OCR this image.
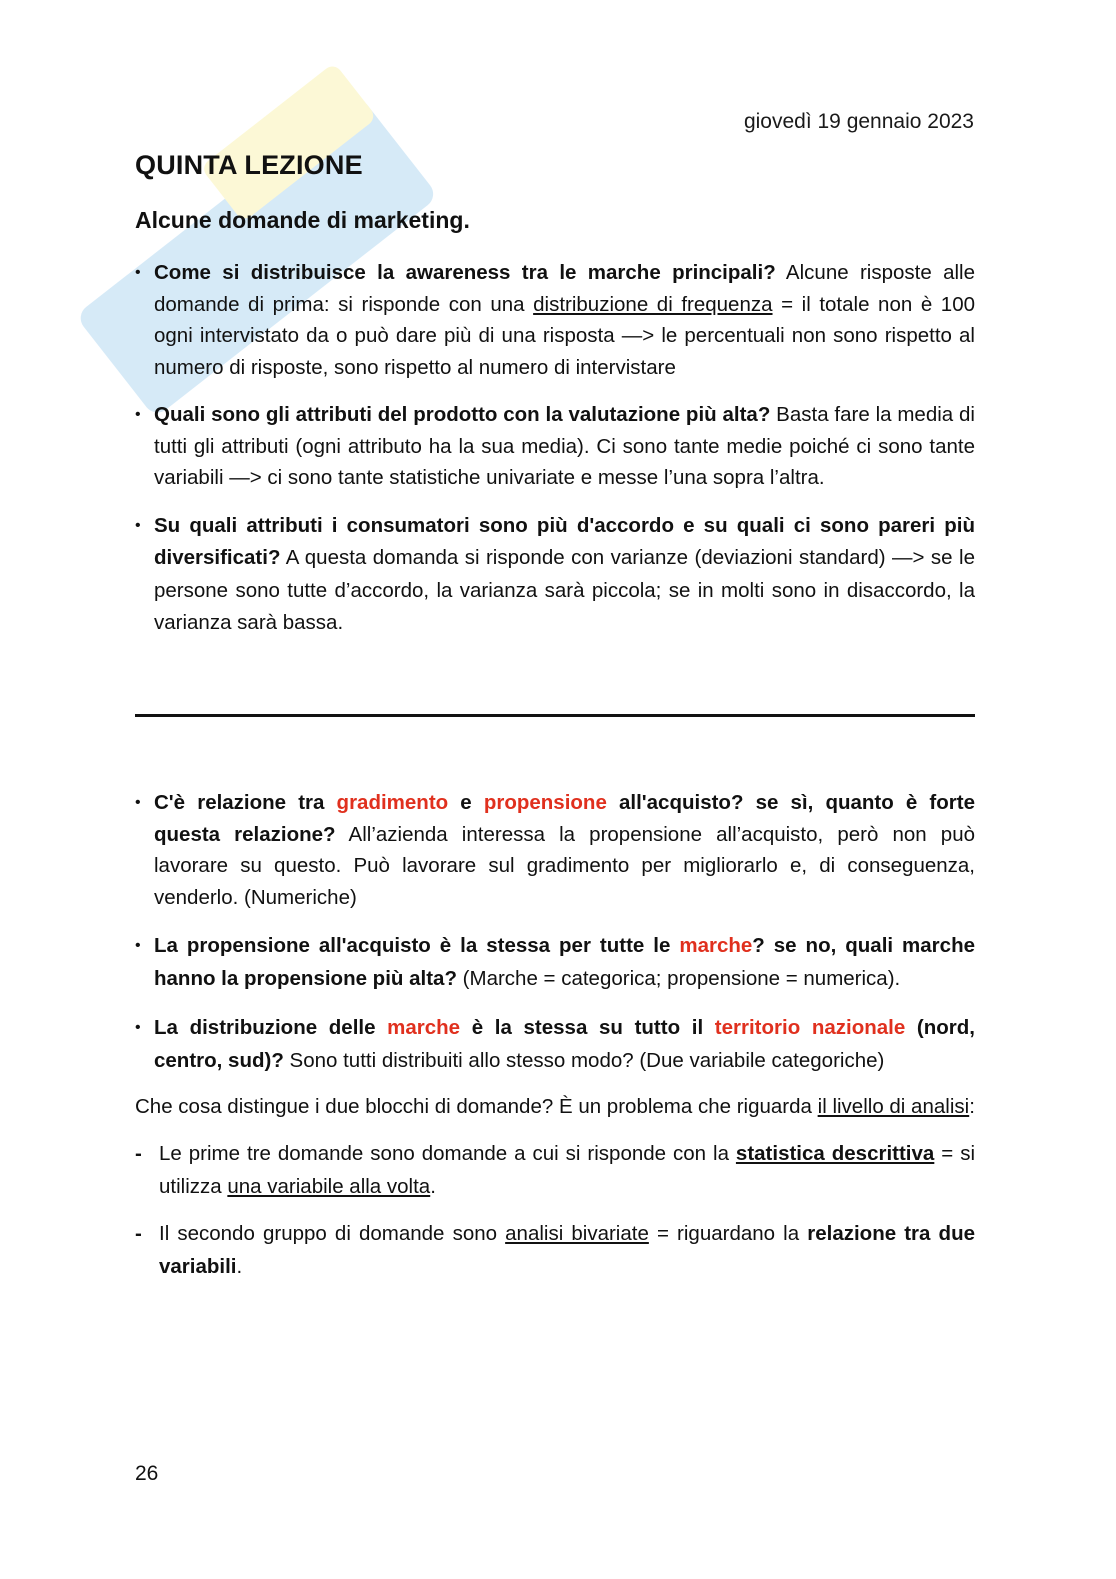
giovedì 19 gennaio 2023
QUINTA LEZIONE
Alcune domande di marketing.
• Come si distribuisce la awareness tra le marche principali? Alcune risposte alle domande di prima: si risponde con una distribuzione di frequenza = il totale non è 100 ogni intervistato da o può dare più di una risposta —> le percentuali non sono rispetto al numero di risposte, sono rispetto al numero di intervistare
• Quali sono gli attributi del prodotto con la valutazione più alta? Basta fare la media di tutti gli attributi (ogni attributo ha la sua media). Ci sono tante medie poiché ci sono tante variabili —> ci sono tante statistiche univariate e messe l’una sopra l’altra.
• Su quali attributi i consumatori sono più d'accordo e su quali ci sono pareri più diversificati? A questa domanda si risponde con varianze (deviazioni standard) —> se le persone sono tutte d’accordo, la varianza sarà piccola; se in molti sono in disaccordo, la varianza sarà bassa.
• C'è relazione tra gradimento e propensione all'acquisto? se sì, quanto è forte questa relazione? All’azienda interessa la propensione all’acquisto, però non può lavorare su questo. Può lavorare sul gradimento per migliorarlo e, di conseguenza, venderlo. (Numeriche)
• La propensione all'acquisto è la stessa per tutte le marche? se no, quali marche hanno la propensione più alta? (Marche = categorica; propensione = numerica).
• La distribuzione delle marche è la stessa su tutto il territorio nazionale (nord, centro, sud)? Sono tutti distribuiti allo stesso modo? (Due variabile categoriche)
Che cosa distingue i due blocchi di domande? È un problema che riguarda il livello di analisi:
- Le prime tre domande sono domande a cui si risponde con la statistica descrittiva = si utilizza una variabile alla volta.
- Il secondo gruppo di domande sono analisi bivariate = riguardano la relazione tra due variabili.
26
